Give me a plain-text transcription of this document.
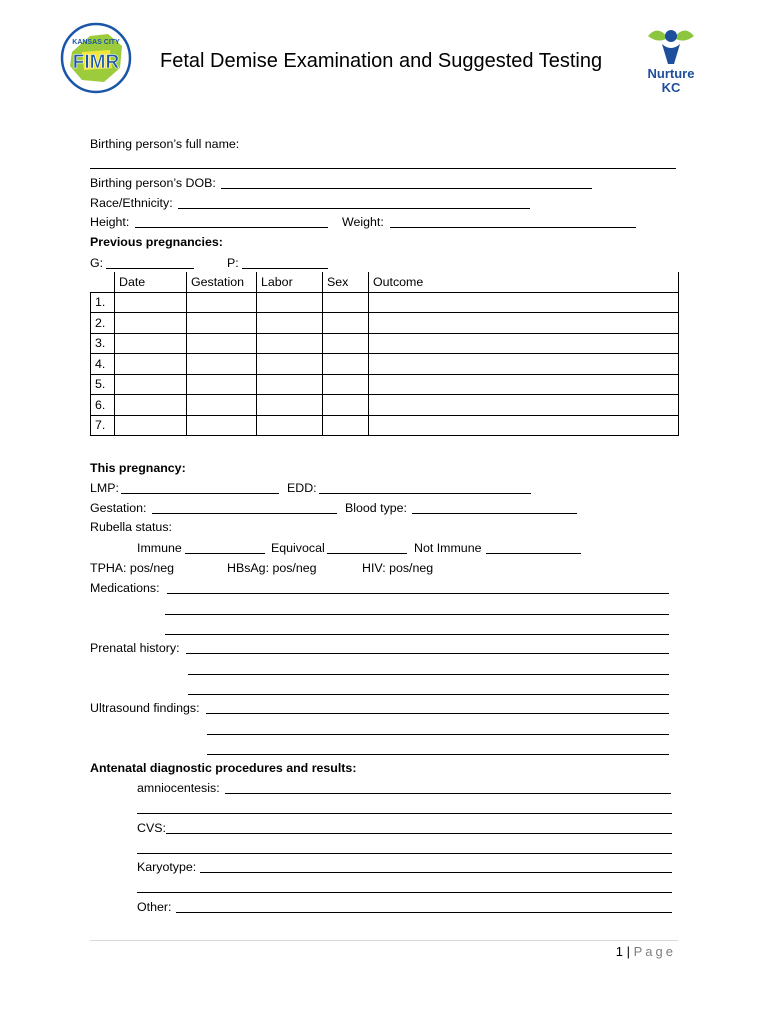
KANSAS CITY
FIMR Fetal Demise Examination and Suggested Testing
Nurture
KC
Birthing person’s full name:
Birthing person’s DOB:
Race/Ethnicity:
Height:	Weight:
Previous pregnancies:
G:	P:
	Date	Gestation	Labor	Sex	Outcome
1.					
2.					
3.					
4.					
5.					
6.					
7.					
This pregnancy:
LMP:	EDD:
Gestation:	Blood type:
Rubella status:
Immune	Equivocal	Not Immune
TPHA: pos/neg	HBsAg: pos/neg	HIV: pos/neg
Medications:
Prenatal history:
Ultrasound findings:
Antenatal diagnostic procedures and results:
amniocentesis:
CVS:
Karyotype:
Other:
1 | Page
